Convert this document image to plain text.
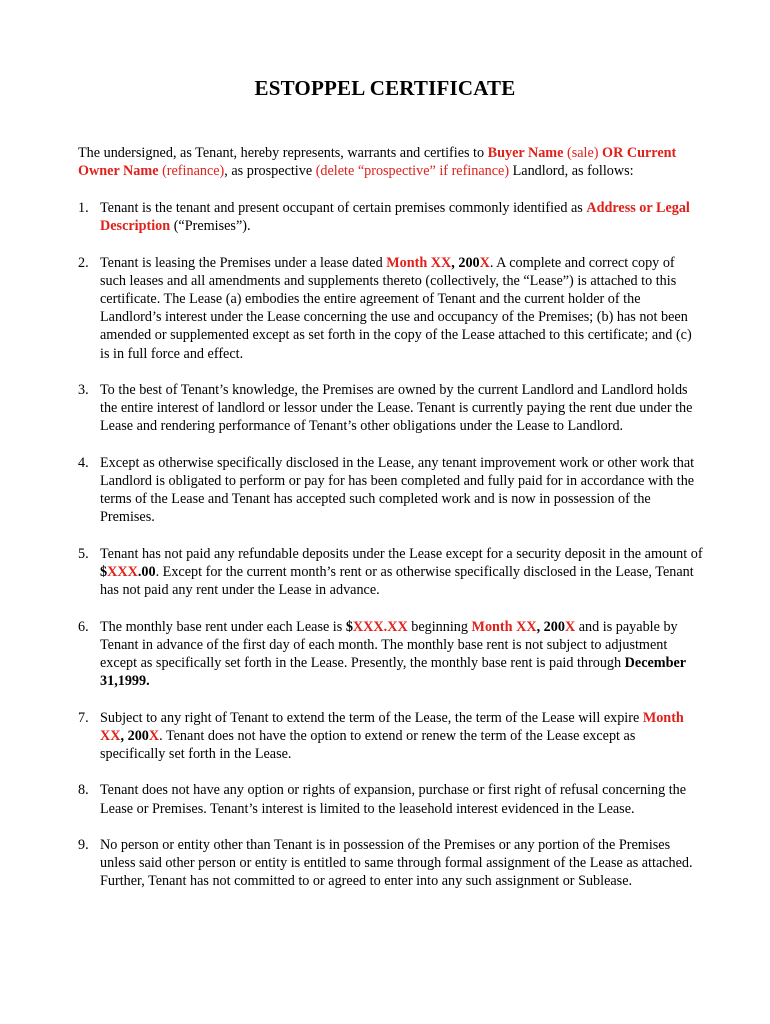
ESTOPPEL CERTIFICATE

The undersigned, as Tenant, hereby represents, warrants and certifies to Buyer Name (sale) OR Current Owner Name (refinance), as prospective (delete “prospective” if refinance) Landlord, as follows:

1. Tenant is the tenant and present occupant of certain premises commonly identified as Address or Legal Description (“Premises”).
2. Tenant is leasing the Premises under a lease dated Month XX, 200X. A complete and correct copy of such leases and all amendments and supplements thereto (collectively, the “Lease”) is attached to this certificate. The Lease (a) embodies the entire agreement of Tenant and the current holder of the Landlord’s interest under the Lease concerning the use and occupancy of the Premises; (b) has not been amended or supplemented except as set forth in the copy of the Lease attached to this certificate; and (c) is in full force and effect.
3. To the best of Tenant’s knowledge, the Premises are owned by the current Landlord and Landlord holds the entire interest of landlord or lessor under the Lease. Tenant is currently paying the rent due under the Lease and rendering performance of Tenant’s other obligations under the Lease to Landlord.
4. Except as otherwise specifically disclosed in the Lease, any tenant improvement work or other work that Landlord is obligated to perform or pay for has been completed and fully paid for in accordance with the terms of the Lease and Tenant has accepted such completed work and is now in possession of the Premises.
5. Tenant has not paid any refundable deposits under the Lease except for a security deposit in the amount of $XXX.00. Except for the current month’s rent or as otherwise specifically disclosed in the Lease, Tenant has not paid any rent under the Lease in advance.
6. The monthly base rent under each Lease is $XXX.XX beginning Month XX, 200X and is payable by Tenant in advance of the first day of each month. The monthly base rent is not subject to adjustment except as specifically set forth in the Lease. Presently, the monthly base rent is paid through December 31,1999.
7. Subject to any right of Tenant to extend the term of the Lease, the term of the Lease will expire Month XX, 200X. Tenant does not have the option to extend or renew the term of the Lease except as specifically set forth in the Lease.
8. Tenant does not have any option or rights of expansion, purchase or first right of refusal concerning the Lease or Premises. Tenant’s interest is limited to the leasehold interest evidenced in the Lease.
9. No person or entity other than Tenant is in possession of the Premises or any portion of the Premises unless said other person or entity is entitled to same through formal assignment of the Lease as attached. Further, Tenant has not committed to or agreed to enter into any such assignment or Sublease.
